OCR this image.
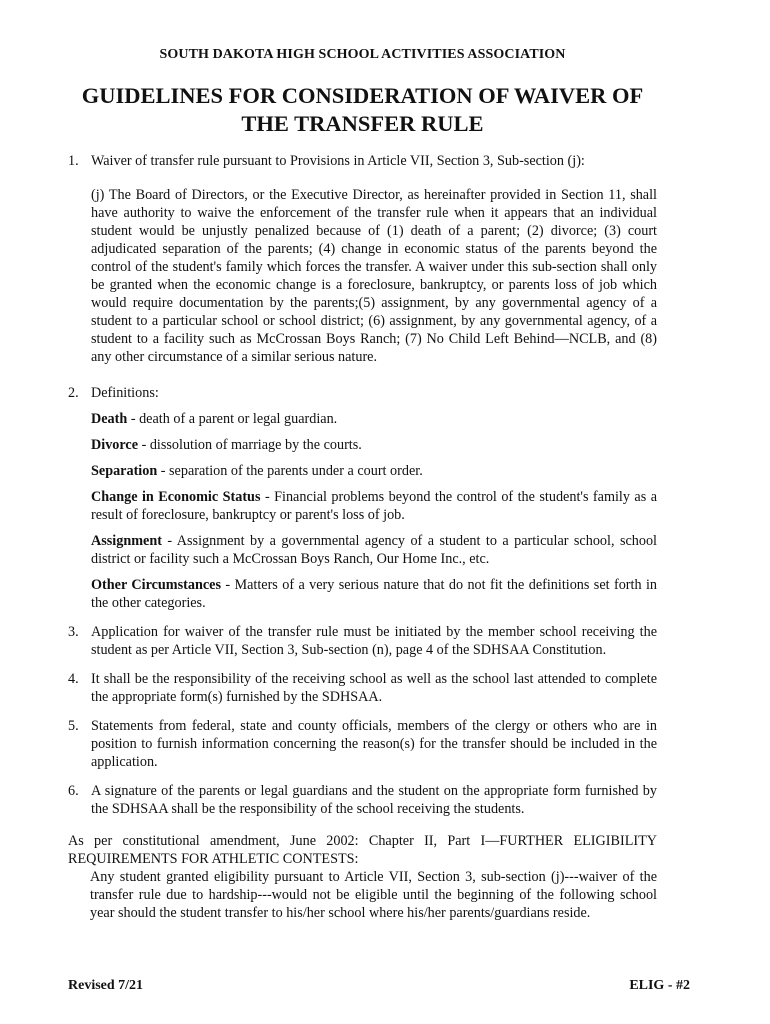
SOUTH DAKOTA HIGH SCHOOL ACTIVITIES ASSOCIATION
GUIDELINES FOR CONSIDERATION OF WAIVER OF THE TRANSFER RULE
1. Waiver of transfer rule pursuant to Provisions in Article VII, Section 3, Sub-section (j):
(j) The Board of Directors, or the Executive Director, as hereinafter provided in Section 11, shall have authority to waive the enforcement of the transfer rule when it appears that an individual student would be unjustly penalized because of (1) death of a parent; (2) divorce; (3) court adjudicated separation of the parents; (4) change in economic status of the parents beyond the control of the student's family which forces the transfer. A waiver under this sub-section shall only be granted when the economic change is a foreclosure, bankruptcy, or parents loss of job which would require documentation by the parents;(5) assignment, by any governmental agency of a student to a particular school or school district; (6) assignment, by any governmental agency, of a student to a facility such as McCrossan Boys Ranch; (7) No Child Left Behind—NCLB, and (8) any other circumstance of a similar serious nature.
2. Definitions:
Death - death of a parent or legal guardian.
Divorce - dissolution of marriage by the courts.
Separation - separation of the parents under a court order.
Change in Economic Status - Financial problems beyond the control of the student's family as a result of foreclosure, bankruptcy or parent's loss of job.
Assignment - Assignment by a governmental agency of a student to a particular school, school district or facility such a McCrossan Boys Ranch, Our Home Inc., etc.
Other Circumstances - Matters of a very serious nature that do not fit the definitions set forth in the other categories.
3. Application for waiver of the transfer rule must be initiated by the member school receiving the student as per Article VII, Section 3, Sub-section (n), page 4 of the SDHSAA Constitution.
4. It shall be the responsibility of the receiving school as well as the school last attended to complete the appropriate form(s) furnished by the SDHSAA.
5. Statements from federal, state and county officials, members of the clergy or others who are in position to furnish information concerning the reason(s) for the transfer should be included in the application.
6. A signature of the parents or legal guardians and the student on the appropriate form furnished by the SDHSAA shall be the responsibility of the school receiving the students.
As per constitutional amendment, June 2002: Chapter II, Part I—FURTHER ELIGIBILITY REQUIREMENTS FOR ATHLETIC CONTESTS:
Any student granted eligibility pursuant to Article VII, Section 3, sub-section (j)---waiver of the transfer rule due to hardship---would not be eligible until the beginning of the following school year should the student transfer to his/her school where his/her parents/guardians reside.
Revised 7/21	ELIG - #2
